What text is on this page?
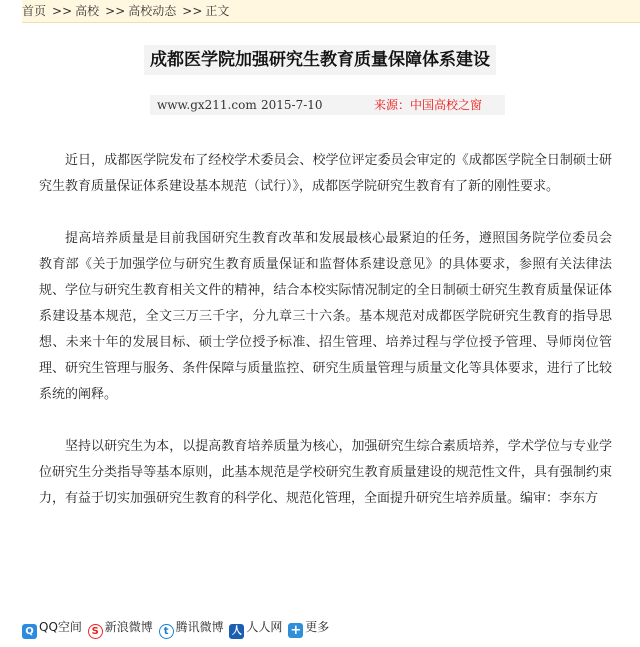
首页 >> 高校 >> 高校动态 >> 正文
成都医学院加强研究生教育质量保障体系建设
www.gx211.com 2015-7-10	来源：中国高校之窗

近日，成都医学院发布了经校学术委员会、校学位评定委员会审定的《成都医学院全日制硕士研究生教育质量保证体系建设基本规范（试行）》，成都医学院研究生教育有了新的刚性要求。

提高培养质量是目前我国研究生教育改革和发展最核心最紧迫的任务，遵照国务院学位委员会 教育部《关于加强学位与研究生教育质量保证和监督体系建设意见》的具体要求，参照有关法律法规、学位与研究生教育相关文件的精神，结合本校实际情况制定的全日制硕士研究生教育质量保证体系建设基本规范，全文三万三千字，分九章三十六条。基本规范对成都医学院研究生教育的指导思想、未来十年的发展目标、硕士学位授予标准、招生管理、培养过程与学位授予管理、导师岗位管理、研究生管理与服务、条件保障与质量监控、研究生质量管理与质量文化等具体要求，进行了比较系统的阐释。

坚持以研究生为本，以提高教育培养质量为核心，加强研究生综合素质培养，学术学位与专业学位研究生分类指导等基本原则，此基本规范是学校研究生教育质量建设的规范性文件，具有强制约束力，有益于切实加强研究生教育的科学化、规范化管理，全面提升研究生培养质量。编审：李东方

Q QQ空间 S 新浪微博 t 腾讯微博 人 人人网 + 更多
